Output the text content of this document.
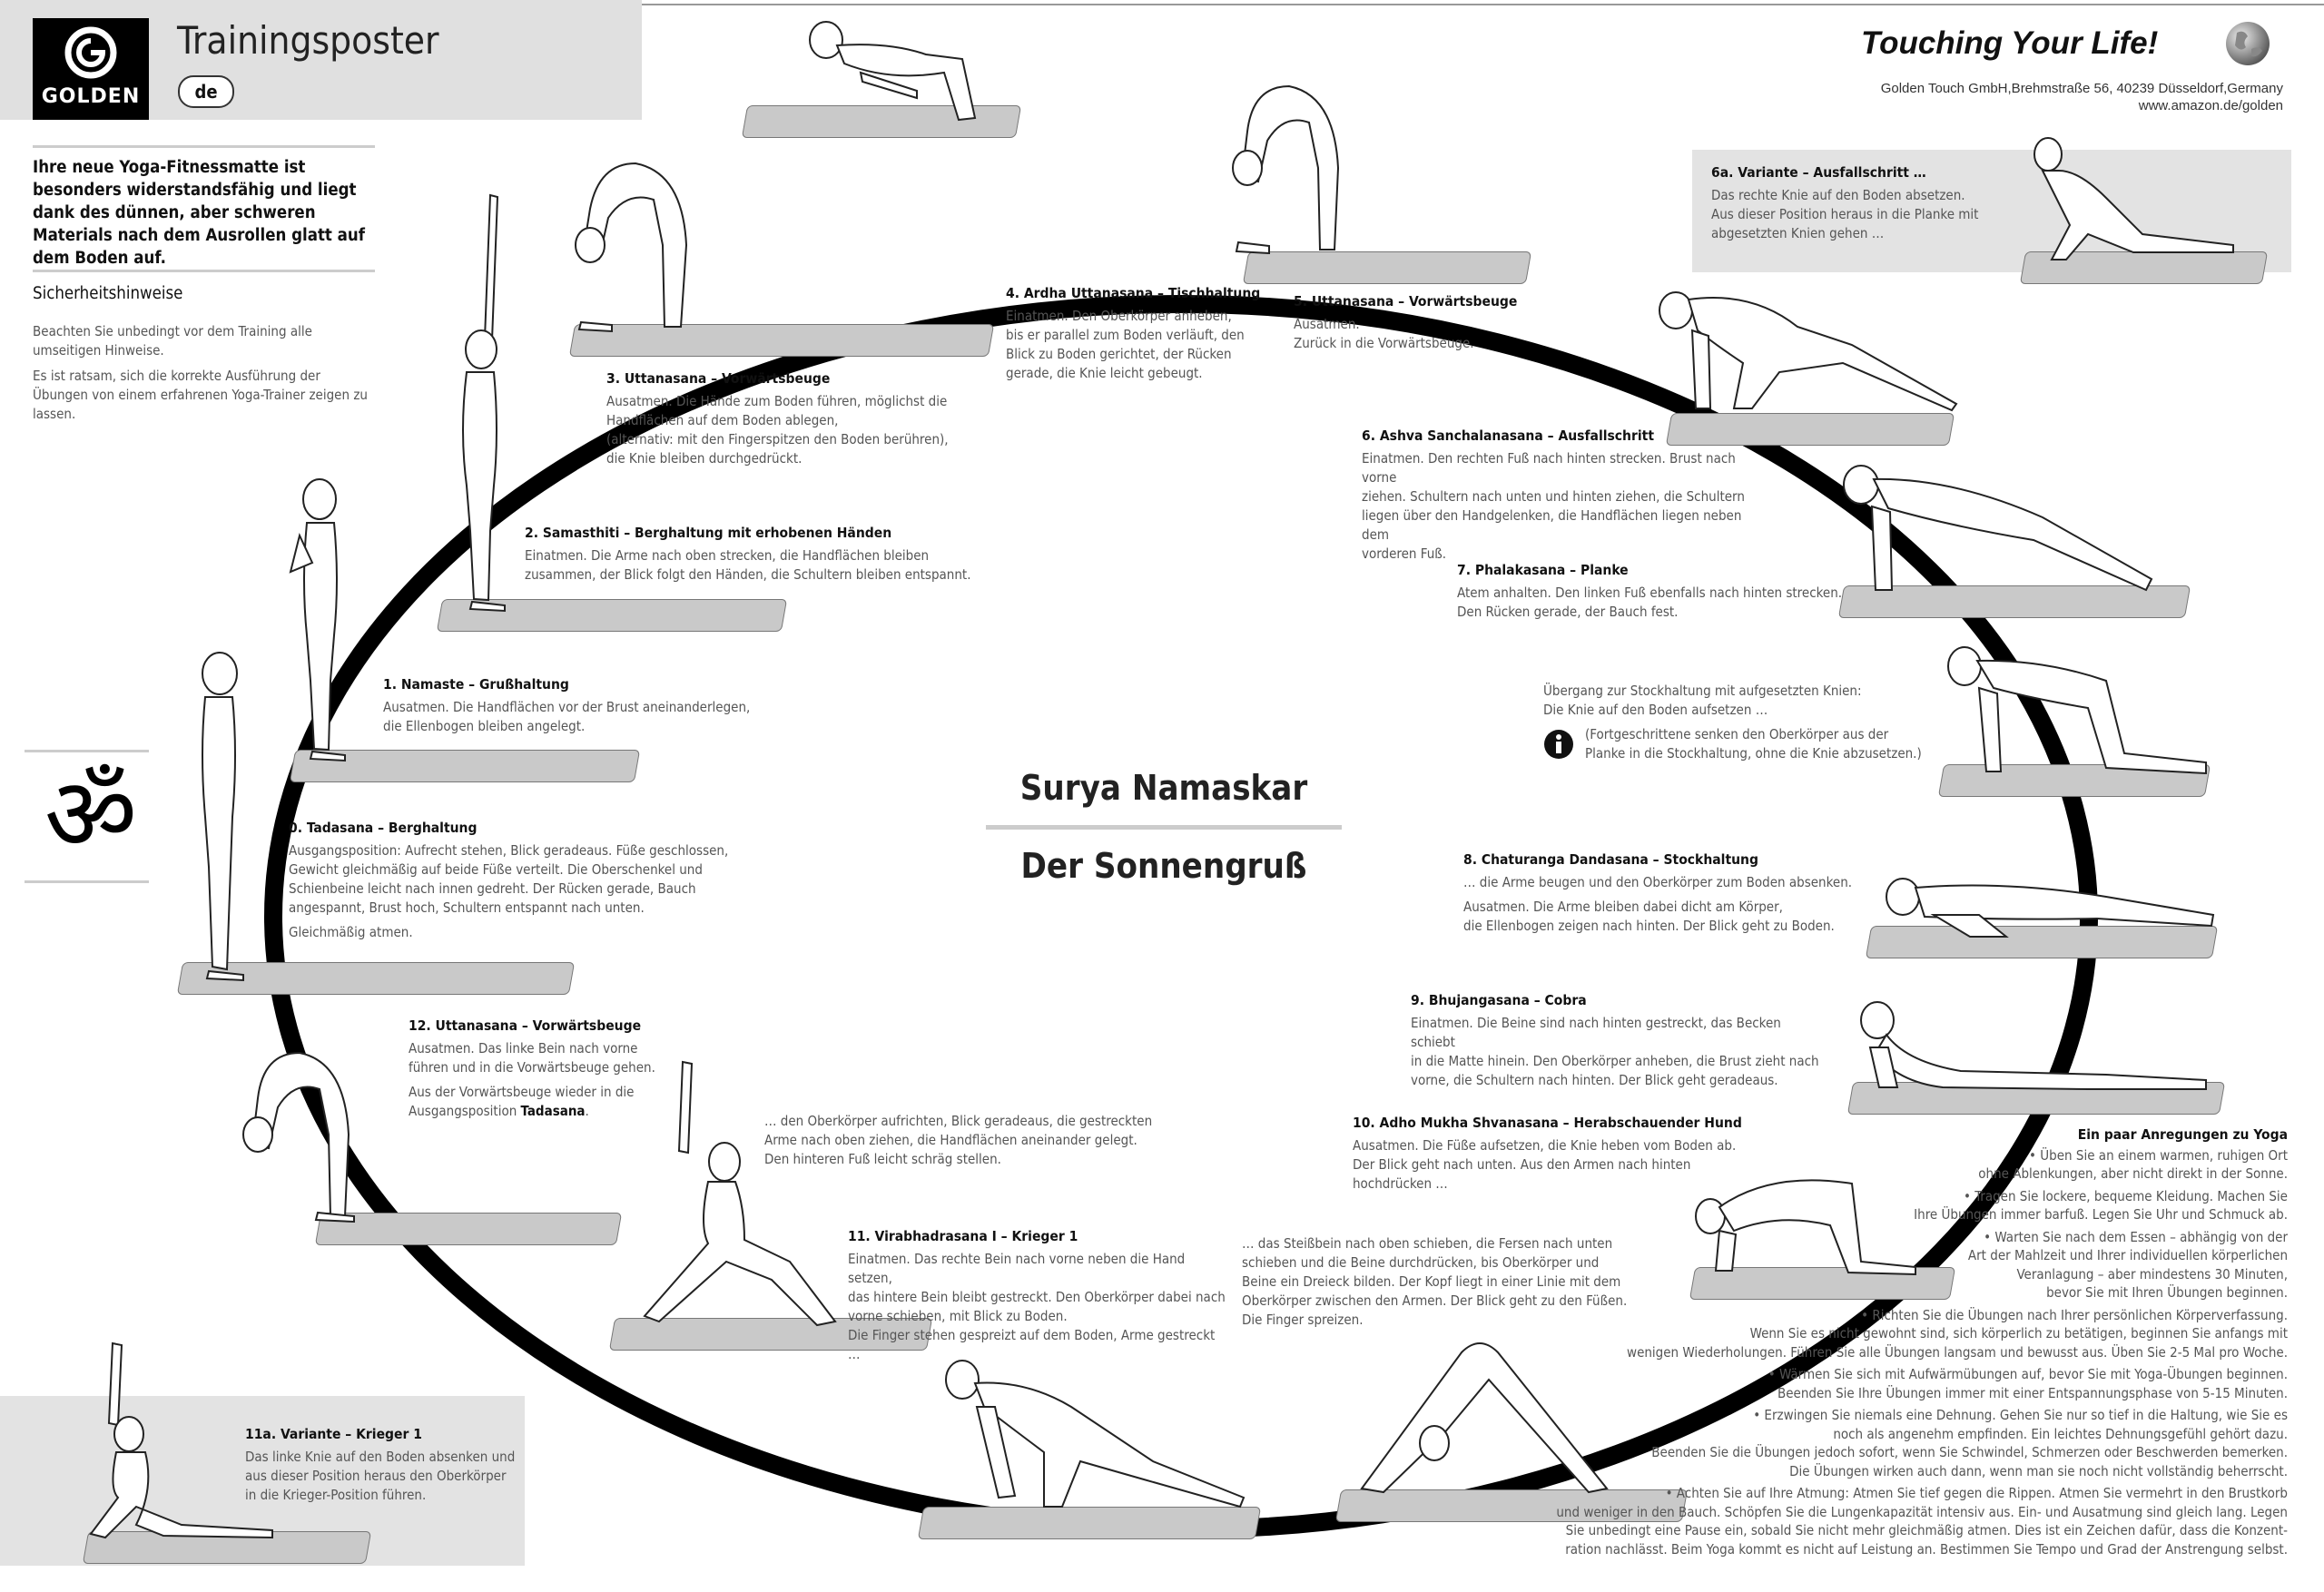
GOLDEN
Trainingsposter
de
Touching Your Life!
Golden Touch GmbH,Brehmstraße 56, 40239 Düsseldorf,Germany
www.amazon.de/golden
Ihre neue Yoga-Fitnessmatte ist besonders widerstandsfähig und liegt dank des dünnen, aber schweren Materials nach dem Ausrollen glatt auf dem Boden auf.
Sicherheitshinweise
Beachten Sie unbedingt vor dem Training alle umseitigen Hinweise.
Es ist ratsam, sich die korrekte Ausführung der Übungen von einem erfahrenen Yoga-Trainer zeigen zu lassen.
ॐ	Surya Namaskar
Der Sonnengruß
0. Tadasana – Berghaltung
Ausgangsposition: Aufrecht stehen, Blick geradeaus. Füße geschlossen,
Gewicht gleichmäßig auf beide Füße verteilt. Die Oberschenkel und
Schienbeine leicht nach innen gedreht. Der Rücken gerade, Bauch
angespannt, Brust hoch, Schultern entspannt nach unten.
Gleichmäßig atmen.
1. Namaste – Grußhaltung
Ausatmen. Die Handflächen vor der Brust aneinanderlegen,
die Ellenbogen bleiben angelegt.
2. Samasthiti – Berghaltung mit erhobenen Händen
Einatmen. Die Arme nach oben strecken, die Handflächen bleiben
zusammen, der Blick folgt den Händen, die Schultern bleiben entspannt.
3. Uttanasana – Vorwärtsbeuge
Ausatmen. Die Hände zum Boden führen, möglichst die
Handflächen auf dem Boden ablegen,
(alternativ: mit den Fingerspitzen den Boden berühren),
die Knie bleiben durchgedrückt.
4. Ardha Uttanasana – Tischhaltung
Einatmen. Den Oberkörper anheben,
bis er parallel zum Boden verläuft, den
Blick zu Boden gerichtet, der Rücken
gerade, die Knie leicht gebeugt.
5. Uttanasana – Vorwärtsbeuge
Ausatmen.
Zurück in die Vorwärtsbeuge.
6a. Variante – Ausfallschritt …
Das rechte Knie auf den Boden absetzen.
Aus dieser Position heraus in die Planke mit
abgesetzten Knien gehen …
6. Ashva Sanchalanasana – Ausfallschritt
Einatmen. Den rechten Fuß nach hinten strecken. Brust nach vorne
ziehen. Schultern nach unten und hinten ziehen, die Schultern
liegen über den Handgelenken, die Handflächen liegen neben dem
vorderen Fuß.
7. Phalakasana – Planke
Atem anhalten. Den linken Fuß ebenfalls nach hinten strecken.
Den Rücken gerade, der Bauch fest.
Übergang zur Stockhaltung mit aufgesetzten Knien:
Die Knie auf den Boden aufsetzen …
(Fortgeschrittene senken den Oberkörper aus der
Planke in die Stockhaltung, ohne die Knie abzusetzen.)
8. Chaturanga Dandasana – Stockhaltung
… die Arme beugen und den Oberkörper zum Boden absenken.
Ausatmen. Die Arme bleiben dabei dicht am Körper,
die Ellenbogen zeigen nach hinten. Der Blick geht zu Boden.
9. Bhujangasana – Cobra
Einatmen. Die Beine sind nach hinten gestreckt, das Becken schiebt
in die Matte hinein. Den Oberkörper anheben, die Brust zieht nach
vorne, die Schultern nach hinten. Der Blick geht geradeaus.
10. Adho Mukha Shvanasana – Herabschauender Hund
Ausatmen. Die Füße aufsetzen, die Knie heben vom Boden ab.
Der Blick geht nach unten. Aus den Armen nach hinten
hochdrücken …
… das Steißbein nach oben schieben, die Fersen nach unten
schieben und die Beine durchdrücken, bis Oberkörper und
Beine ein Dreieck bilden. Der Kopf liegt in einer Linie mit dem
Oberkörper zwischen den Armen. Der Blick geht zu den Füßen.
Die Finger spreizen.
11. Virabhadrasana I – Krieger 1
Einatmen. Das rechte Bein nach vorne neben die Hand setzen,
das hintere Bein bleibt gestreckt. Den Oberkörper dabei nach
vorne schieben, mit Blick zu Boden.
Die Finger stehen gespreizt auf dem Boden, Arme gestreckt …
… den Oberkörper aufrichten, Blick geradeaus, die gestreckten
Arme nach oben ziehen, die Handflächen aneinander gelegt.
Den hinteren Fuß leicht schräg stellen.
12. Uttanasana – Vorwärtsbeuge
Ausatmen. Das linke Bein nach vorne
führen und in die Vorwärtsbeuge gehen.
Aus der Vorwärtsbeuge wieder in die
Ausgangsposition Tadasana.
11a. Variante – Krieger 1
Das linke Knie auf den Boden absenken und
aus dieser Position heraus den Oberkörper
in die Krieger-Position führen.
Ein paar Anregungen zu Yoga
• Üben Sie an einem warmen, ruhigen Ort
ohne Ablenkungen, aber nicht direkt in der Sonne.
• Tragen Sie lockere, bequeme Kleidung. Machen Sie
Ihre Übungen immer barfuß. Legen Sie Uhr und Schmuck ab.
• Warten Sie nach dem Essen – abhängig von der
Art der Mahlzeit und Ihrer individuellen körperlichen
Veranlagung – aber mindestens 30 Minuten,
bevor Sie mit Ihren Übungen beginnen.
• Richten Sie die Übungen nach Ihrer persönlichen Körperverfassung.
Wenn Sie es nicht gewohnt sind, sich körperlich zu betätigen, beginnen Sie anfangs mit
wenigen Wiederholungen. Führen Sie alle Übungen langsam und bewusst aus. Üben Sie 2-5 Mal pro Woche.
• Wärmen Sie sich mit Aufwärmübungen auf, bevor Sie mit Yoga-Übungen beginnen.
Beenden Sie Ihre Übungen immer mit einer Entspannungsphase von 5-15 Minuten.
• Erzwingen Sie niemals eine Dehnung. Gehen Sie nur so tief in die Haltung, wie Sie es
noch als angenehm empfinden. Ein leichtes Dehnungsgefühl gehört dazu.
Beenden Sie die Übungen jedoch sofort, wenn Sie Schwindel, Schmerzen oder Beschwerden bemerken.
Die Übungen wirken auch dann, wenn man sie noch nicht vollständig beherrscht.
• Achten Sie auf Ihre Atmung: Atmen Sie tief gegen die Rippen. Atmen Sie vermehrt in den Brustkorb
und weniger in den Bauch. Schöpfen Sie die Lungenkapazität intensiv aus. Ein- und Ausatmung sind gleich lang. Legen
Sie unbedingt eine Pause ein, sobald Sie nicht mehr gleichmäßig atmen. Dies ist ein Zeichen dafür, dass die Konzent-
ration nachlässt. Beim Yoga kommt es nicht auf Leistung an. Bestimmen Sie Tempo und Grad der Anstrengung selbst.
